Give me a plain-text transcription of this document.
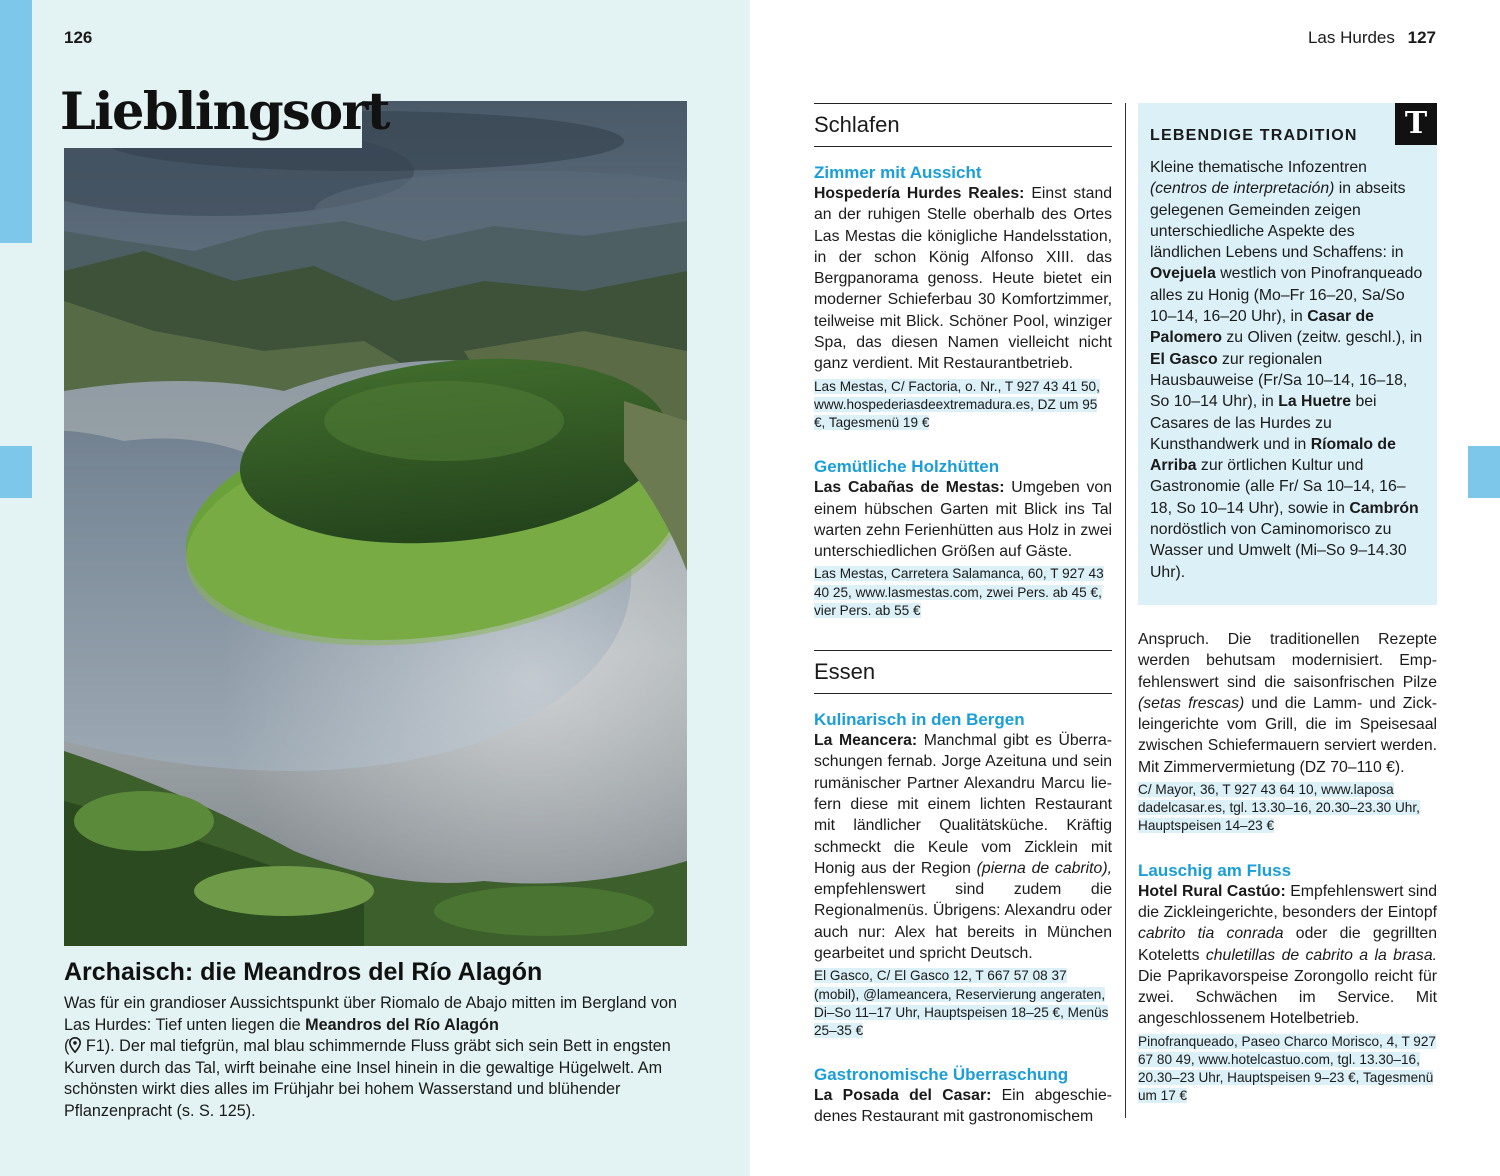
126
Lieblingsort
Archaisch: die Meandros del Río Alagón

Was für ein grandioser Aussichtspunkt über Riomalo de Abajo mitten im Bergland von Las Hurdes: Tief unten liegen die Meandros del Río Alagón
( F1). Der mal tiefgrün, mal blau schimmernde Fluss gräbt sich sein Bett in engsten Kurven durch das Tal, wirft beinahe eine Insel hinein in die gewaltige Hügelwelt. Am schönsten wirkt dies alles im Frühjahr bei hohem Wasserstand und blühender Pflanzenpracht (s. S. 125).

Las Hurdes 127
Schlafen
Zimmer mit Aussicht

Hospedería Hurdes Reales: Einst stand an der ruhigen Stelle oberhalb des Ortes Las Mestas die königliche Handelsstation, in der schon König Alfonso XIII. das Bergpanorama genoss. Heute bietet ein moderner Schieferbau 30 Komfortzimmer, teilweise mit Blick. Schöner Pool, winziger Spa, das diesen Namen vielleicht nicht ganz verdient. Mit Restaurantbetrieb.

Las Mestas, C/ Factoria, o. Nr., T 927 43 41 50, www.hospederiasdeextremadura.es, DZ um 95 €, Tagesmenü 19 €

Gemütliche Holzhütten

Las Cabañas de Mestas: Umgeben von einem hübschen Garten mit Blick ins Tal warten zehn Ferienhütten aus Holz in zwei unterschiedlichen Größen auf Gäste.

Las Mestas, Carretera Salamanca, 60, T 927 43 40 25, www.lasmestas.com, zwei Pers. ab 45 €, vier Pers. ab 55 €

Essen
Kulinarisch in den Bergen

La Meancera: Manchmal gibt es Überraschungen fernab. Jorge Azeituna und sein rumänischer Partner Alexandru Marcu liefern diese mit einem lichten Restaurant mit ländlicher Qualitätsküche. Kräftig schmeckt die Keule vom Zicklein mit Honig aus der Region (pierna de cabrito), empfehlenswert sind zudem die Regionalmenüs. Übrigens: Alexandru oder auch nur: Alex hat bereits in München gearbeitet und spricht Deutsch.

El Gasco, C/ El Gasco 12, T 667 57 08 37 (mobil), @lameancera, Reservierung angeraten, Di–So 11–17 Uhr, Hauptspeisen 18–25 €, Menüs 25–35 €

Gastronomische Überraschung

La Posada del Casar: Ein abgeschiedenes Restaurant mit gastronomischem

T
LEBENDIGE TRADITION

Kleine thematische Infozentren (centros de interpretación) in abseits gelegenen Gemeinden zeigen unterschiedliche Aspekte des ländlichen Lebens und Schaffens: in Ovejuela westlich von Pinofranqueado alles zu Honig (Mo–Fr 16–20, Sa/So 10–14, 16–20 Uhr), in Casar de Palomero zu Oliven (zeitw. geschl.), in El Gasco zur regionalen Hausbauweise (Fr/Sa 10–14, 16–18, So 10–14 Uhr), in La Huetre bei Casares de las Hurdes zu Kunsthandwerk und in Ríomalo de Arriba zur örtlichen Kultur und Gastronomie (alle Fr/ Sa 10–14, 16–18, So 10–14 Uhr), sowie in Cambrón nordöstlich von Caminomorisco zu Wasser und Umwelt (Mi–So 9–14.30 Uhr).

Anspruch. Die traditionellen Rezepte werden behutsam modernisiert. Empfehlenswert sind die saisonfrischen Pilze (setas frescas) und die Lamm- und Zickleingerichte vom Grill, die im Speisesaal zwischen Schiefermauern serviert werden. Mit Zimmervermietung (DZ 70–110 €).

C/ Mayor, 36, T 927 43 64 10, www.laposa dadelcasar.es, tgl. 13.30–16, 20.30–23.30 Uhr, Hauptspeisen 14–23 €

Lauschig am Fluss

Hotel Rural Castúo: Empfehlenswert sind die Zickleingerichte, besonders der Eintopf cabrito tia conrada oder die gegrillten Koteletts chuletillas de cabrito a la brasa. Die Paprikavorspeise Zorongollo reicht für zwei. Schwächen im Service. Mit angeschlossenem Hotelbetrieb.

Pinofranqueado, Paseo Charco Morisco, 4, T 927 67 80 49, www.hotelcastuo.com, tgl. 13.30–16, 20.30–23 Uhr, Hauptspeisen 9–23 €, Tagesmenü um 17 €
